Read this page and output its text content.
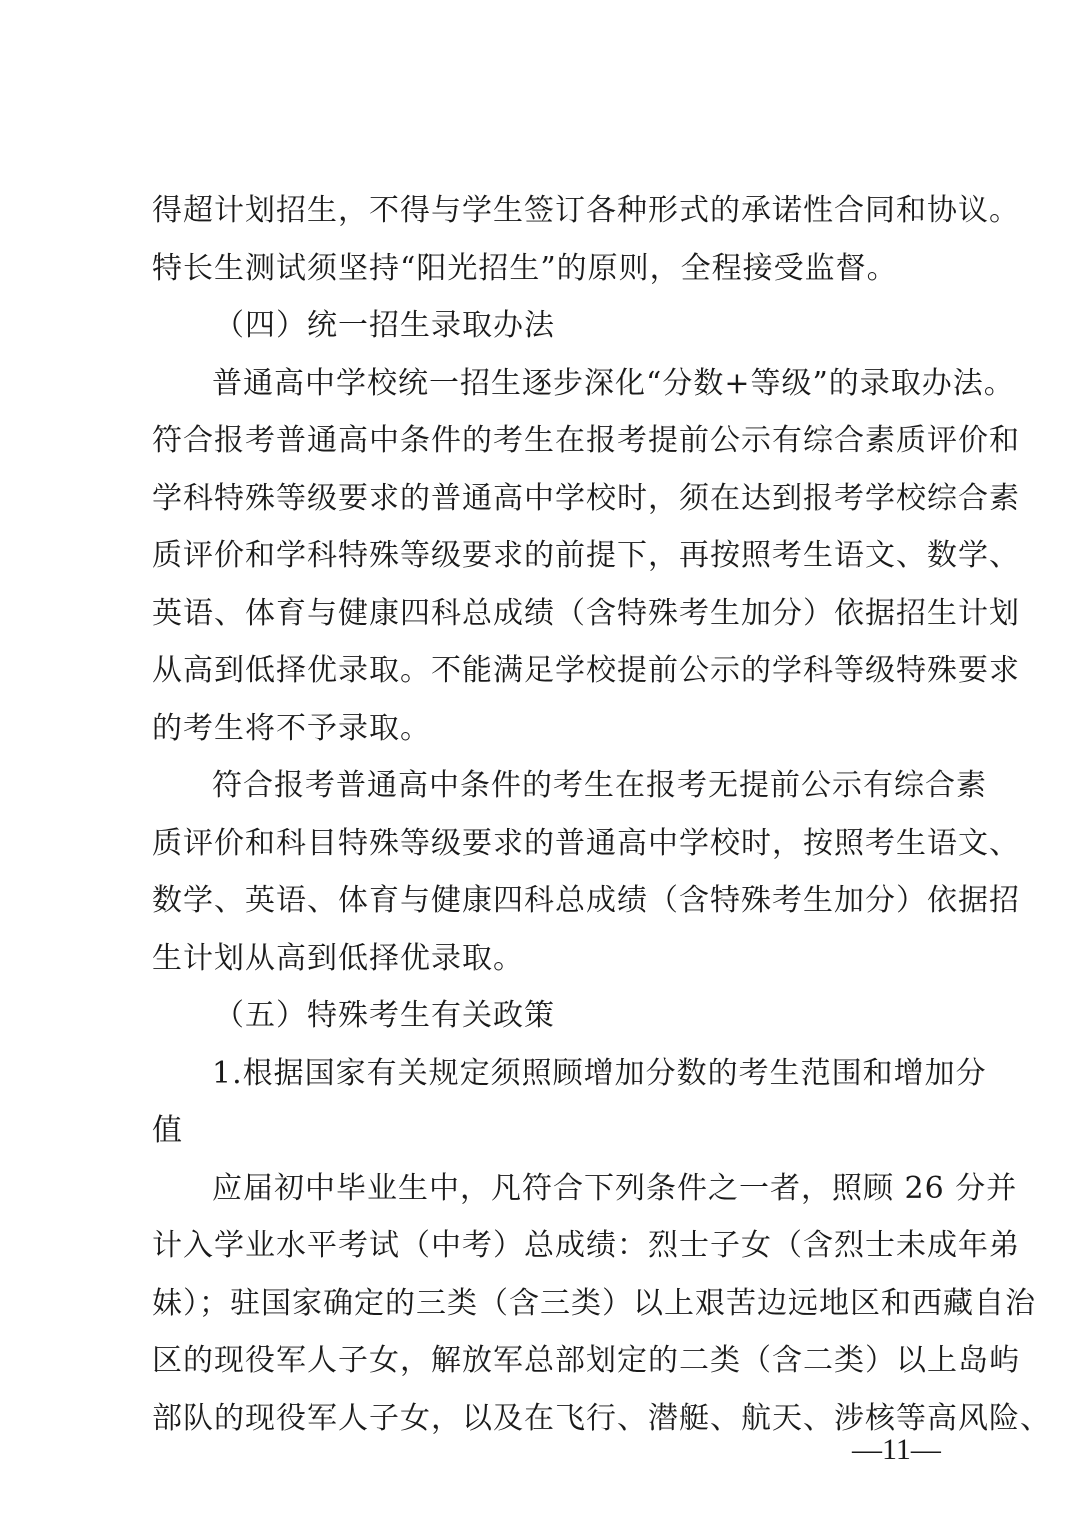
得超计划招生，不得与学生签订各种形式的承诺性合同和协议。
特长生测试须坚持“阳光招生”的原则，全程接受监督。
（四）统一招生录取办法
普通高中学校统一招生逐步深化“分数+等级”的录取办法。
符合报考普通高中条件的考生在报考提前公示有综合素质评价和
学科特殊等级要求的普通高中学校时，须在达到报考学校综合素
质评价和学科特殊等级要求的前提下，再按照考生语文、数学、
英语、体育与健康四科总成绩（含特殊考生加分）依据招生计划
从高到低择优录取。不能满足学校提前公示的学科等级特殊要求
的考生将不予录取。
符合报考普通高中条件的考生在报考无提前公示有综合素
质评价和科目特殊等级要求的普通高中学校时，按照考生语文、
数学、英语、体育与健康四科总成绩（含特殊考生加分）依据招
生计划从高到低择优录取。
（五）特殊考生有关政策
1.根据国家有关规定须照顾增加分数的考生范围和增加分
值
应届初中毕业生中，凡符合下列条件之一者，照顾 26 分并
计入学业水平考试（中考）总成绩：烈士子女（含烈士未成年弟
妹）；驻国家确定的三类（含三类）以上艰苦边远地区和西藏自治
区的现役军人子女，解放军总部划定的二类（含二类）以上岛屿
部队的现役军人子女，以及在飞行、潜艇、航天、涉核等高风险、
—11—
